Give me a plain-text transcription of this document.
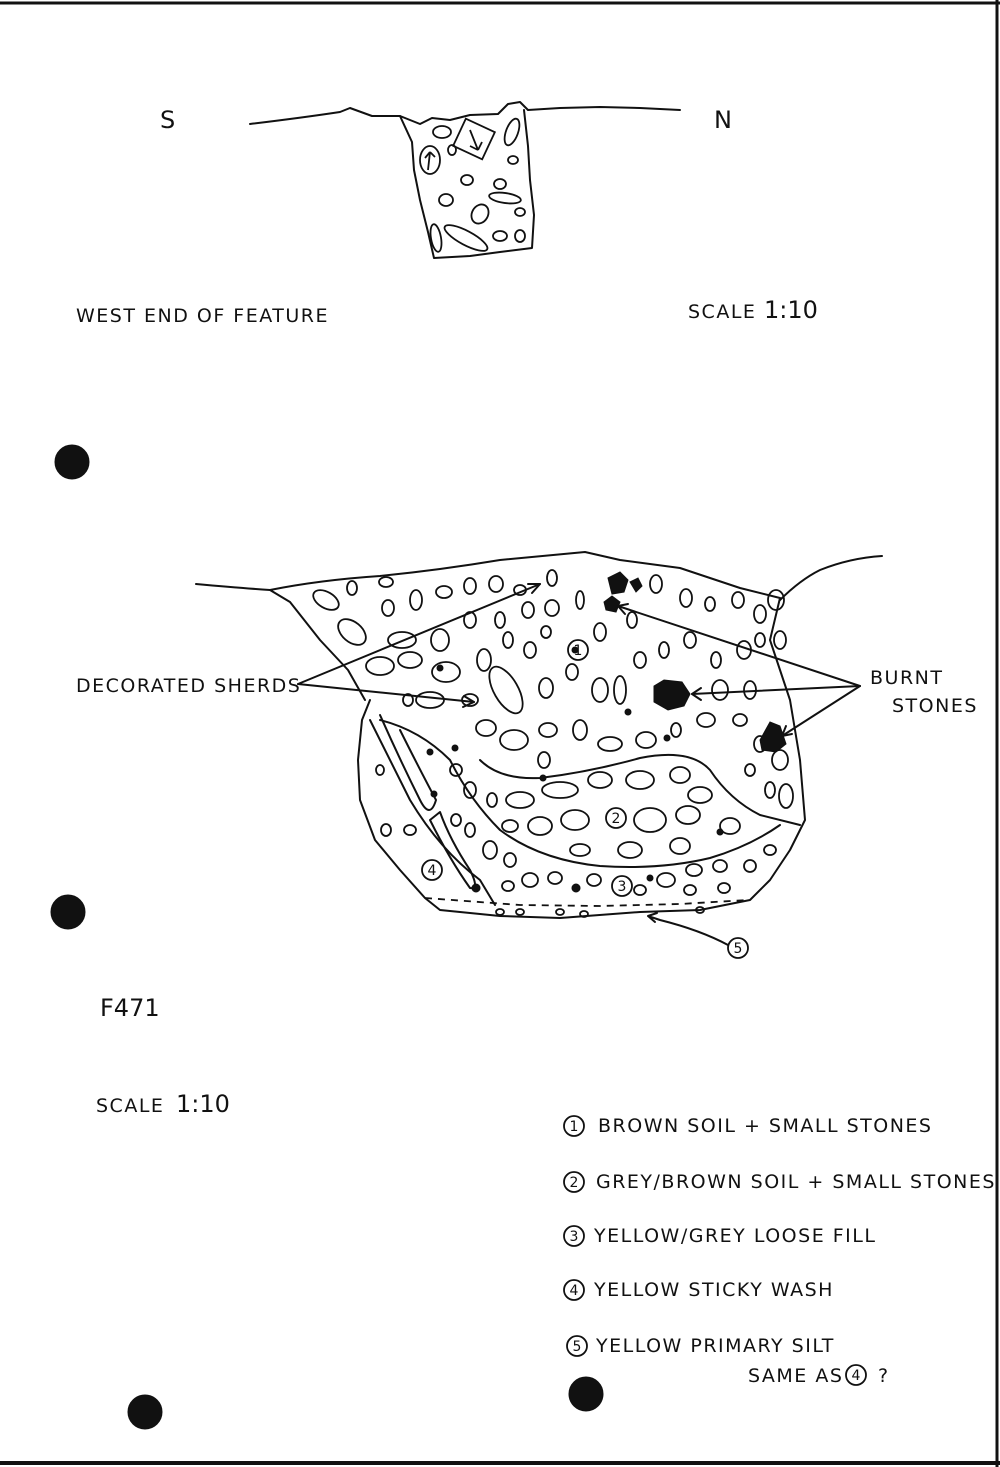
S	N
WEST END OF FEATURE	SCALE 1:10
1
2
3
4
5
DECORATED SHERDS	BURNT
STONES
F471
SCALE 1:10
1 BROWN SOIL + SMALL STONES
2 GREY/BROWN SOIL + SMALL STONES
3 YELLOW/GREY LOOSE FILL
4 YELLOW STICKY WASH
5 YELLOW PRIMARY SILT
SAME AS 4 ?
